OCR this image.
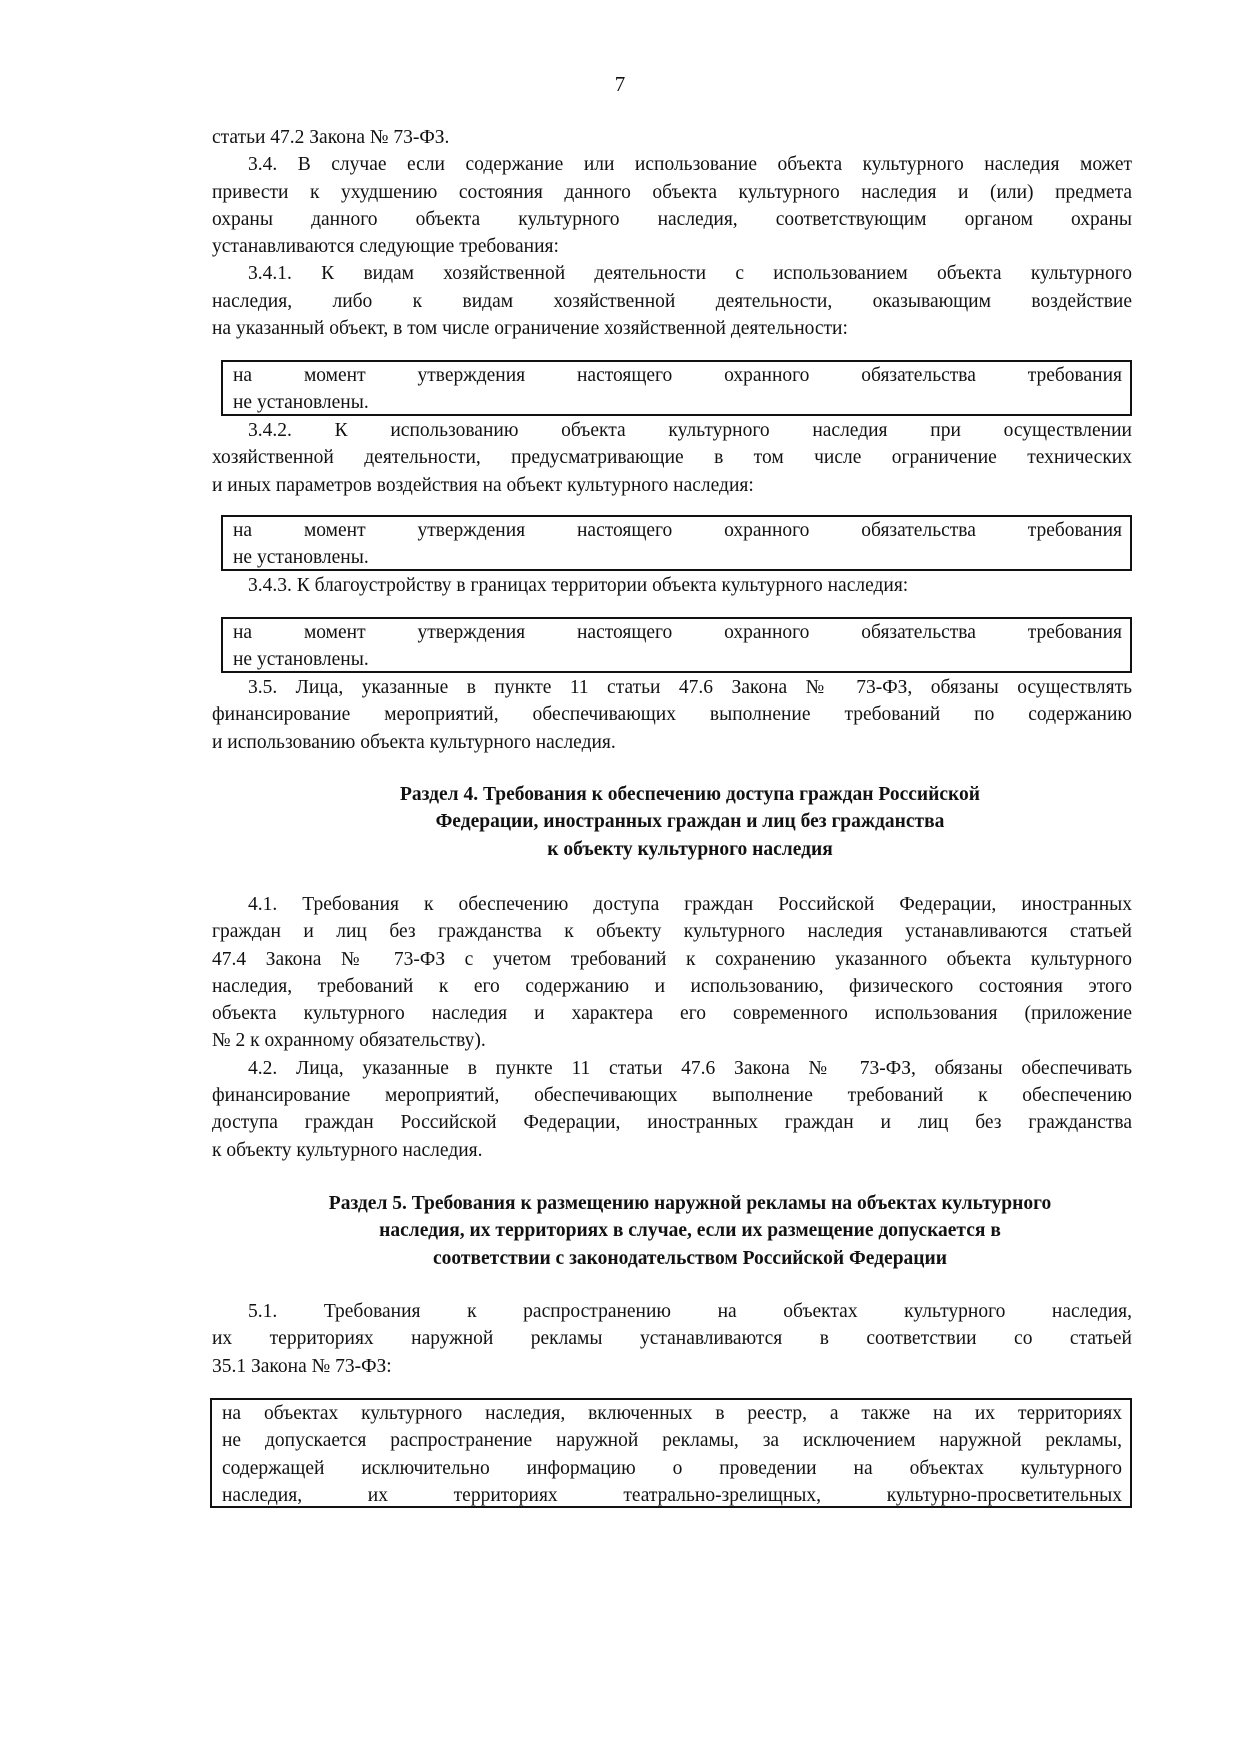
7
статьи 47.2 Закона № 73-ФЗ.
3.4. В случае если содержание или использование объекта культурного наследия может
привести к ухудшению состояния данного объекта культурного наследия и (или) предмета
охраны данного объекта культурного наследия, соответствующим органом охраны
устанавливаются следующие требования:
3.4.1. К видам хозяйственной деятельности с использованием объекта культурного
наследия, либо к видам хозяйственной деятельности, оказывающим воздействие
на указанный объект, в том числе ограничение хозяйственной деятельности:
на момент утверждения настоящего охранного обязательства требования
не установлены.
3.4.2. К использованию объекта культурного наследия при осуществлении
хозяйственной деятельности, предусматривающие в том числе ограничение технических
и иных параметров воздействия на объект культурного наследия:
на момент утверждения настоящего охранного обязательства требования
не установлены.
3.4.3. К благоустройству в границах территории объекта культурного наследия:
на момент утверждения настоящего охранного обязательства требования
не установлены.
3.5. Лица, указанные в пункте 11 статьи 47.6 Закона № 73-ФЗ, обязаны осуществлять
финансирование мероприятий, обеспечивающих выполнение требований по содержанию
и использованию объекта культурного наследия.
Раздел 4. Требования к обеспечению доступа граждан Российской
Федерации, иностранных граждан и лиц без гражданства
к объекту культурного наследия
4.1. Требования к обеспечению доступа граждан Российской Федерации, иностранных
граждан и лиц без гражданства к объекту культурного наследия устанавливаются статьей
47.4 Закона № 73-ФЗ с учетом требований к сохранению указанного объекта культурного
наследия, требований к его содержанию и использованию, физического состояния этого
объекта культурного наследия и характера его современного использования (приложение
№ 2 к охранному обязательству).
4.2. Лица, указанные в пункте 11 статьи 47.6 Закона № 73-ФЗ, обязаны обеспечивать
финансирование мероприятий, обеспечивающих выполнение требований к обеспечению
доступа граждан Российской Федерации, иностранных граждан и лиц без гражданства
к объекту культурного наследия.
Раздел 5. Требования к размещению наружной рекламы на объектах культурного
наследия, их территориях в случае, если их размещение допускается в
соответствии с законодательством Российской Федерации
5.1. Требования к распространению на объектах культурного наследия,
их территориях наружной рекламы устанавливаются в соответствии со статьей
35.1 Закона № 73-ФЗ:
на объектах культурного наследия, включенных в реестр, а также на их территориях
не допускается распространение наружной рекламы, за исключением наружной рекламы,
содержащей исключительно информацию о проведении на объектах культурного
наследия, их территориях театрально-зрелищных, культурно-просветительных
